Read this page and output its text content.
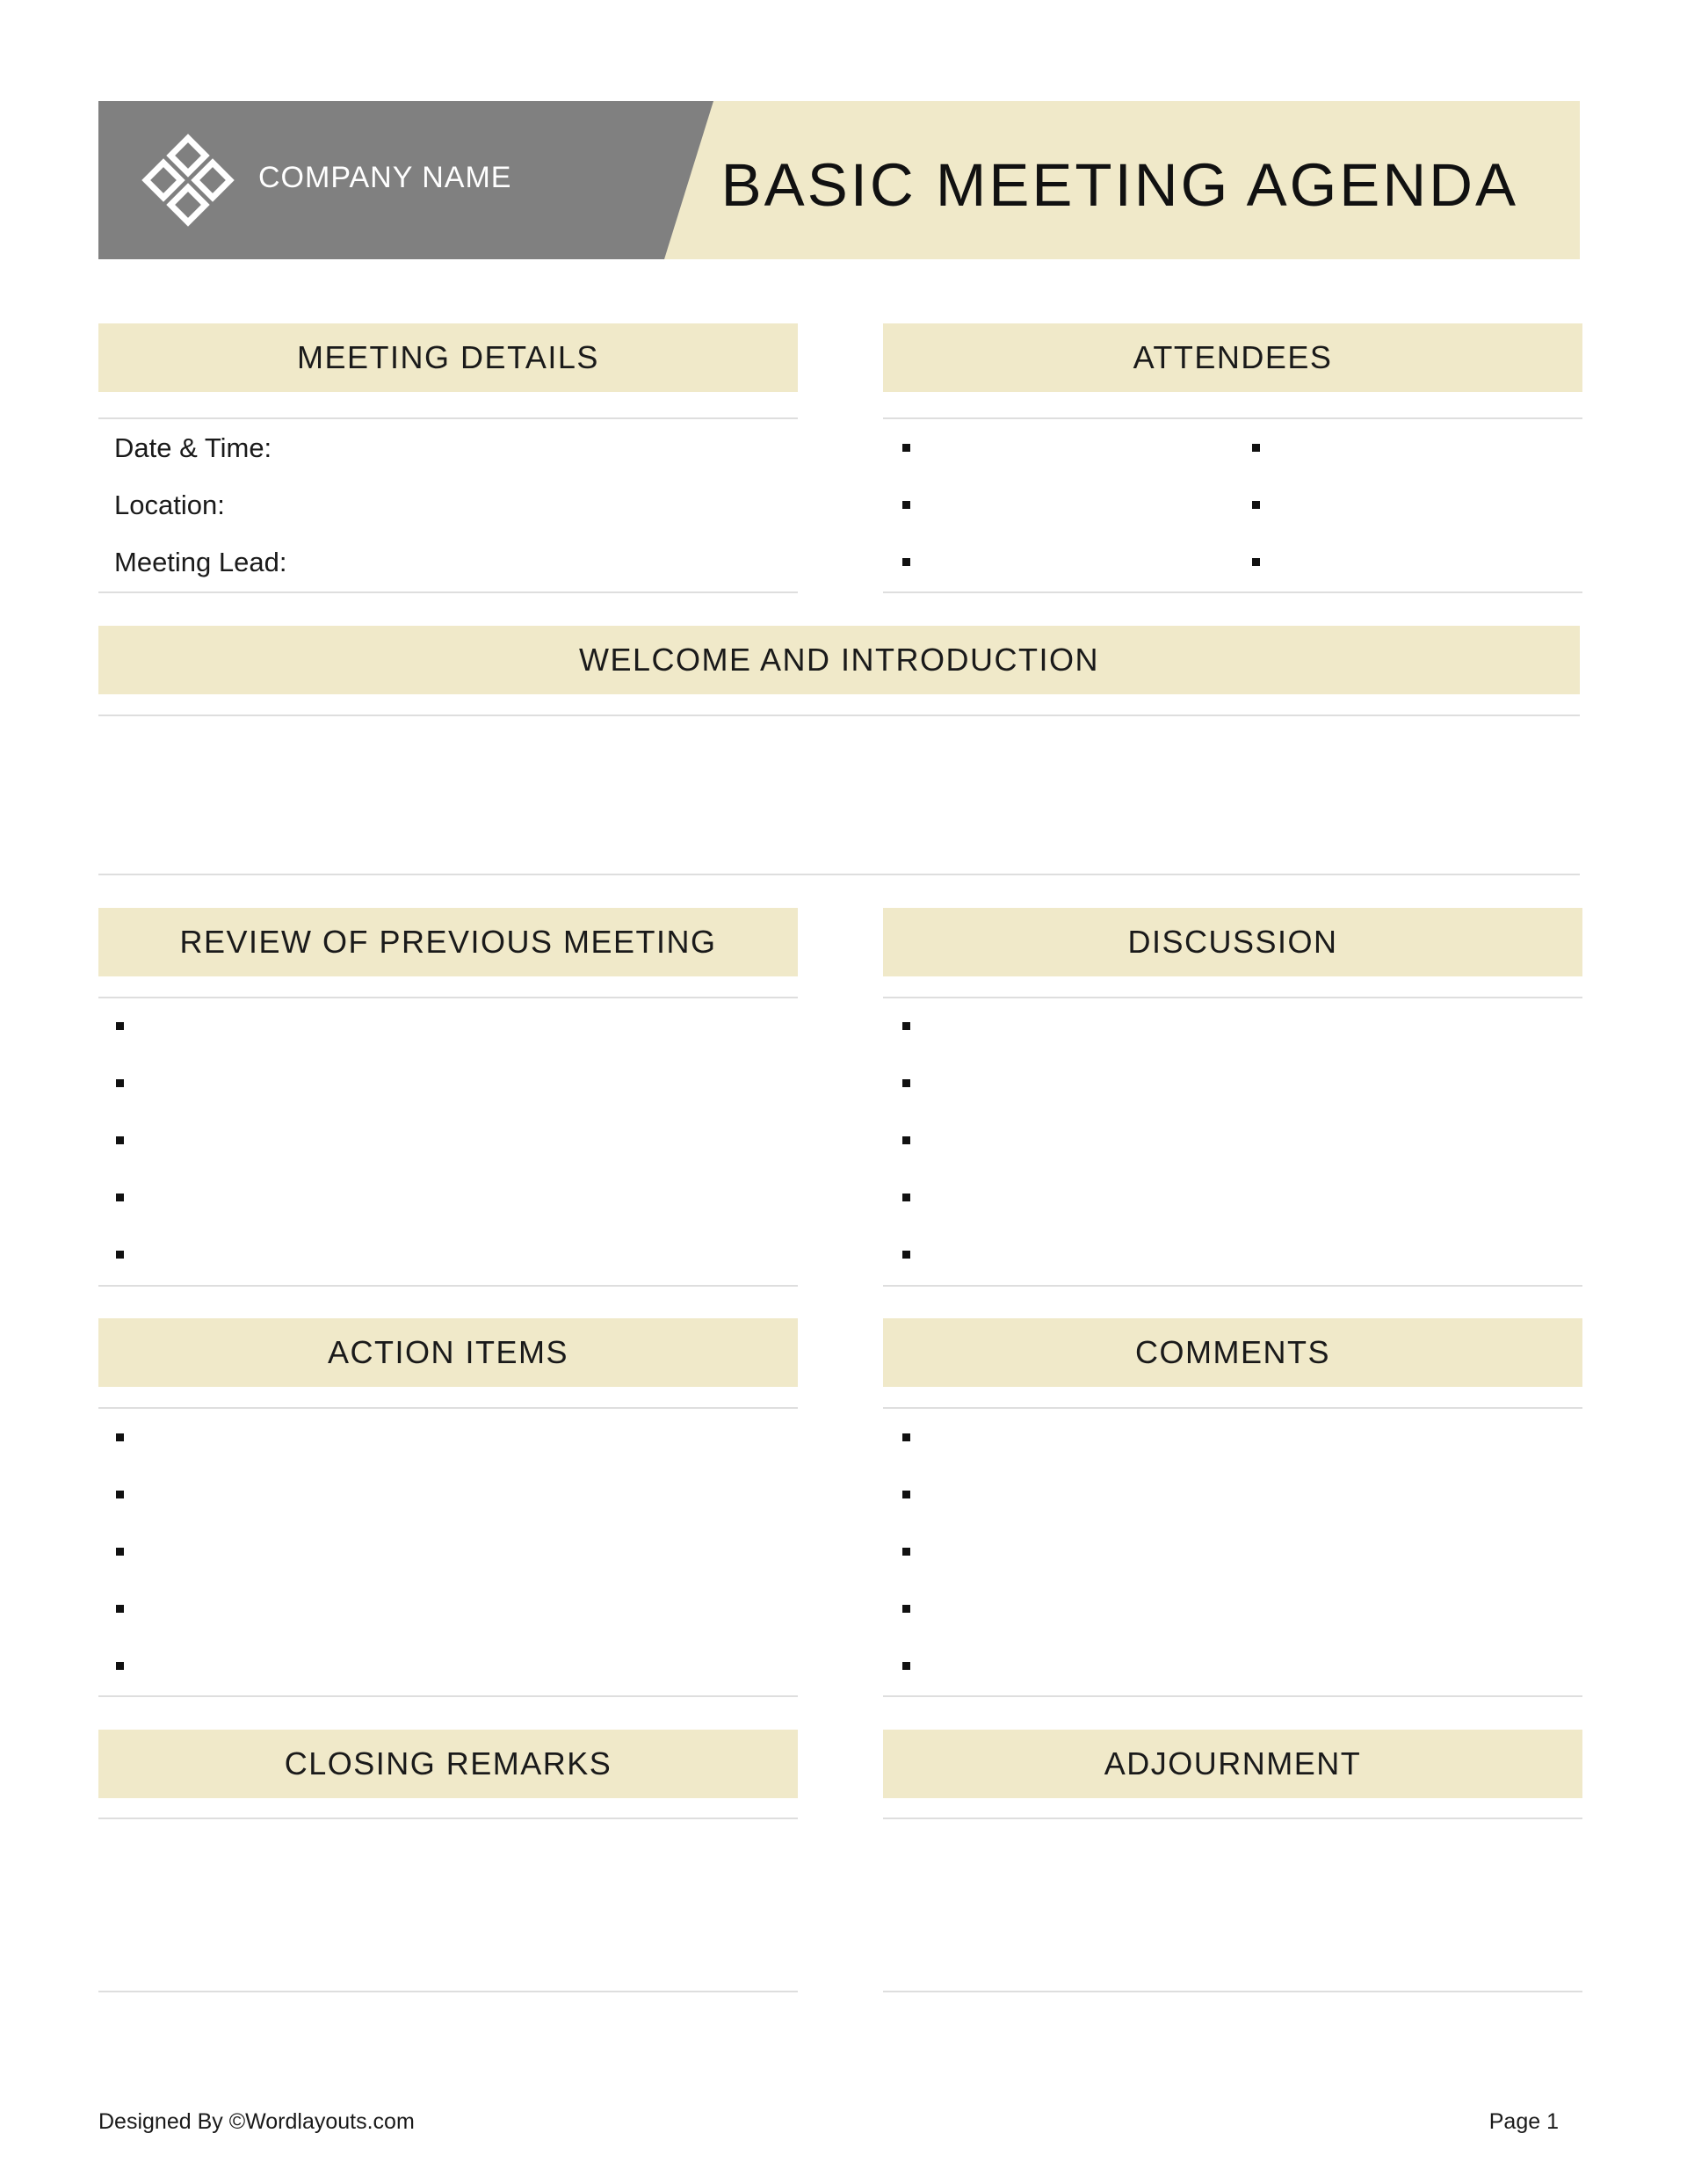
COMPANY NAME	BASIC MEETING AGENDA
MEETING DETAILS
Date & Time:
Location:
Meeting Lead:
ATTENDEES
WELCOME AND INTRODUCTION
REVIEW OF PREVIOUS MEETING	DISCUSSION
ACTION ITEMS	COMMENTS
CLOSING REMARKS	ADJOURNMENT
Designed By ©Wordlayouts.com	Page 1
